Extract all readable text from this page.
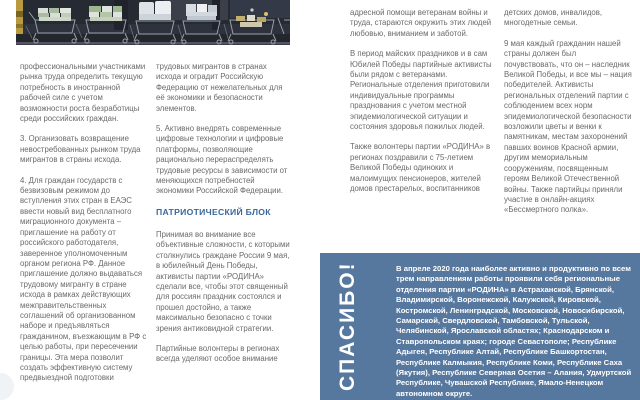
профессиональными участниками рынка труда определить текущую потребность в иностранной рабочей силе с учетом возможности роста безработицы среди российских граждан.

3. Организовать возвращение невостребованных рынком труда мигрантов в страны исхода.

4. Для граждан государств с безвизовым режимом до вступления этих стран в ЕАЭС ввести новый вид бесплатного миграционного документа – приглашение на работу от российского работодателя, заверенное уполномоченным органом региона РФ. Данное приглашение должно выдаваться трудовому мигранту в стране исхода в рамках действующих межправительственных соглашений об организованном наборе и предъявляться гражданином, въезжающим в РФ с целью работы, при пересечении границы. Эта мера позволит создать эффективную систему предвыездной подготовки

трудовых мигрантов в странах исхода и оградит Российскую Федерацию от нежелательных для её экономики и безопасности элементов.

5. Активно внедрять современные цифровые технологии и цифровые платформы, позволяющие рационально перераспределять трудовые ресурсы в зависимости от меняющихся потребностей экономики Российской Федерации.

ПАТРИОТИЧЕСКИЙ БЛОК

Принимая во внимание все объективные сложности, с которыми столкнулись граждане России 9 мая, в юбилейный День Победы, активисты партии «РОДИНА» сделали все, чтобы этот священный для россиян праздник состоялся и прошел достойно, а также максимально безопасно с точки зрения антиковидной стратегии.

Партийные волонтеры в регионах всегда уделяют особое внимание

адресной помощи ветеранам войны и труда, стараются окружить этих людей любовью, вниманием и заботой.

В период майских праздников и в сам Юбилей Победы партийные активисты были рядом с ветеранами. Региональные отделения приготовили индивидуальные программы празднования с учетом местной эпидемиологической ситуации и состояния здоровья пожилых людей.

Также волонтеры партии «РОДИНА» в регионах поздравили с 75-летием Великой Победы одиноких и малоимущих пенсионеров, жителей домов престарелых, воспитанников

детских домов, инвалидов, многодетные семьи.

9 мая каждый гражданин нашей страны должен был почувствовать, что он – наследник Великой Победы, и все мы – нация победителей. Активисты региональных отделений партии с соблюдением всех норм эпидемиологической безопасности возложили цветы и венки к памятникам, местам захоронений павших воинов Красной армии, другим мемориальным сооружениям, посвященным героям Великой Отечественной войны. Также партийцы приняли участие в онлайн-акциях «Бессмертного полка».

СПАСИБО!	В апреле 2020 года наиболее активно и продуктивно по всем трем направлениям работы проявили себя региональные отделения партии «РОДИНА» в Астраханской, Брянской, Владимирской, Воронежской, Калужской, Кировской, Костромской, Ленинградской, Московской, Новосибирской, Самарской, Свердловской, Тамбовской, Тульской, Челябинской, Ярославской областях; Краснодарском и Ставропольском краях; городе Севастополе; Республике Адыгея, Республике Алтай, Республике Башкортостан, Республике Калмыкия, Республике Коми, Республике Саха (Якутия), Республике Северная Осетия – Алания, Удмуртской Республике, Чувашской Республике, Ямало-Ненецком автономном округе.
